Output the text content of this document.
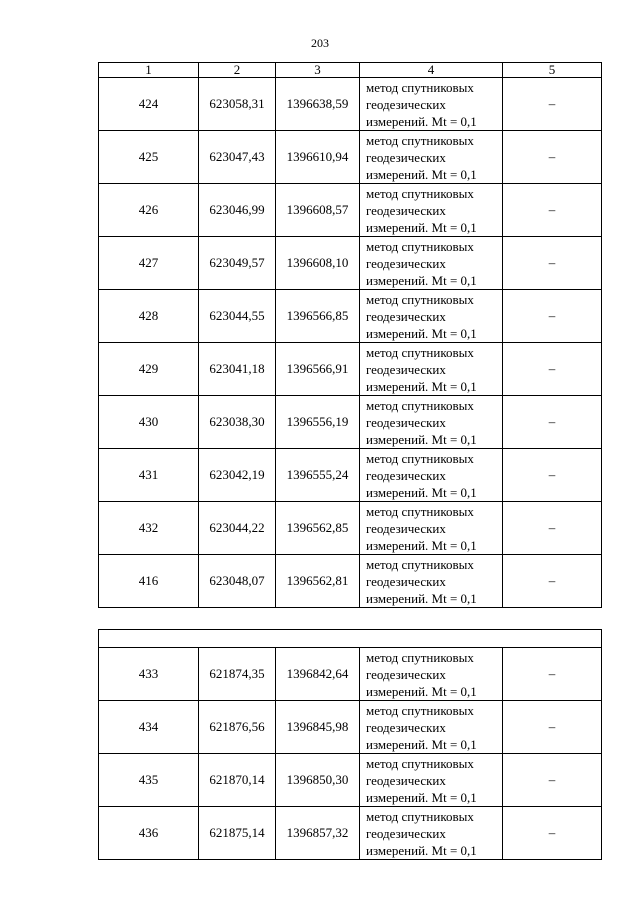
203
1	2	3	4	5
424	623058,31	1396638,59	метод спутниковых
геодезических
измерений. Mt = 0,1	–
425	623047,43	1396610,94	метод спутниковых
геодезических
измерений. Mt = 0,1	–
426	623046,99	1396608,57	метод спутниковых
геодезических
измерений. Mt = 0,1	–
427	623049,57	1396608,10	метод спутниковых
геодезических
измерений. Mt = 0,1	–
428	623044,55	1396566,85	метод спутниковых
геодезических
измерений. Mt = 0,1	–
429	623041,18	1396566,91	метод спутниковых
геодезических
измерений. Mt = 0,1	–
430	623038,30	1396556,19	метод спутниковых
геодезических
измерений. Mt = 0,1	–
431	623042,19	1396555,24	метод спутниковых
геодезических
измерений. Mt = 0,1	–
432	623044,22	1396562,85	метод спутниковых
геодезических
измерений. Mt = 0,1	–
416	623048,07	1396562,81	метод спутниковых
геодезических
измерений. Mt = 0,1	–

433	621874,35	1396842,64	метод спутниковых
геодезических
измерений. Mt = 0,1	–
434	621876,56	1396845,98	метод спутниковых
геодезических
измерений. Mt = 0,1	–
435	621870,14	1396850,30	метод спутниковых
геодезических
измерений. Mt = 0,1	–
436	621875,14	1396857,32	метод спутниковых
геодезических
измерений. Mt = 0,1	–
